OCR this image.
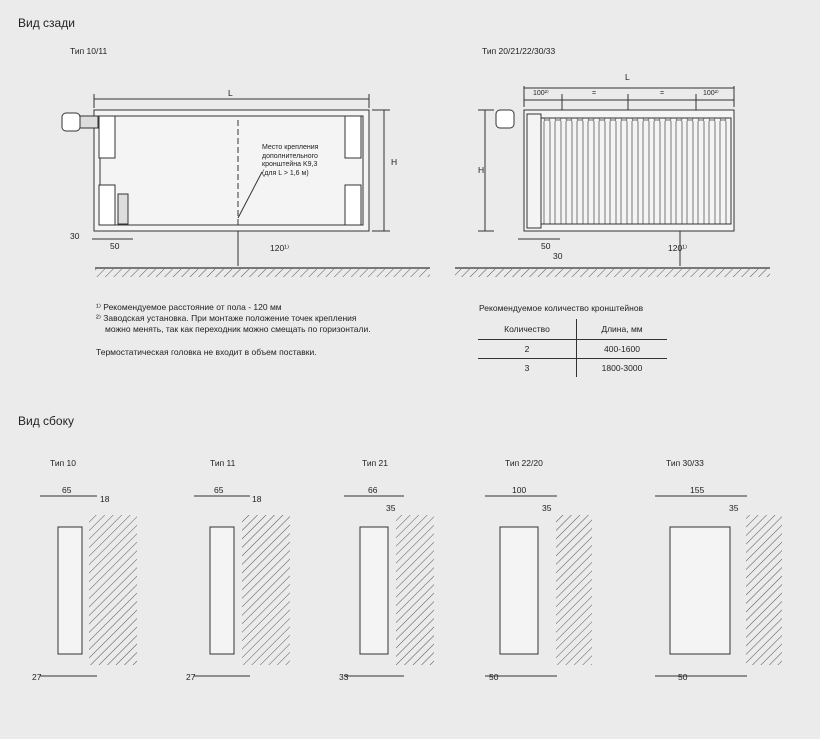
Вид сзади
Тип 10/11	Тип 20/21/22/30/33
L
H
30
50	120¹⁾
Место крепления
дополнительного
кронштейна K9,3
(для L > 1,6 м)
L
H
100²⁾	=	=	100²⁾
50
30
120¹⁾
¹⁾ Рекомендуемое расстояние от пола - 120 мм
²⁾ Заводская установка. При монтаже положение точек крепления
можно менять, так как переходник можно смещать по горизонтали.
Термостатическая головка не входит в объем поставки.
Рекомендуемое количество кронштейнов
Количество	Длина, мм
2	400-1600
3	1800-3000
Вид сбоку
Тип 10
65
18
27
Тип 11
65
18
27
Тип 21
66
35
33
Тип 22/20
100
35
50
Тип 30/33
155
35
50
